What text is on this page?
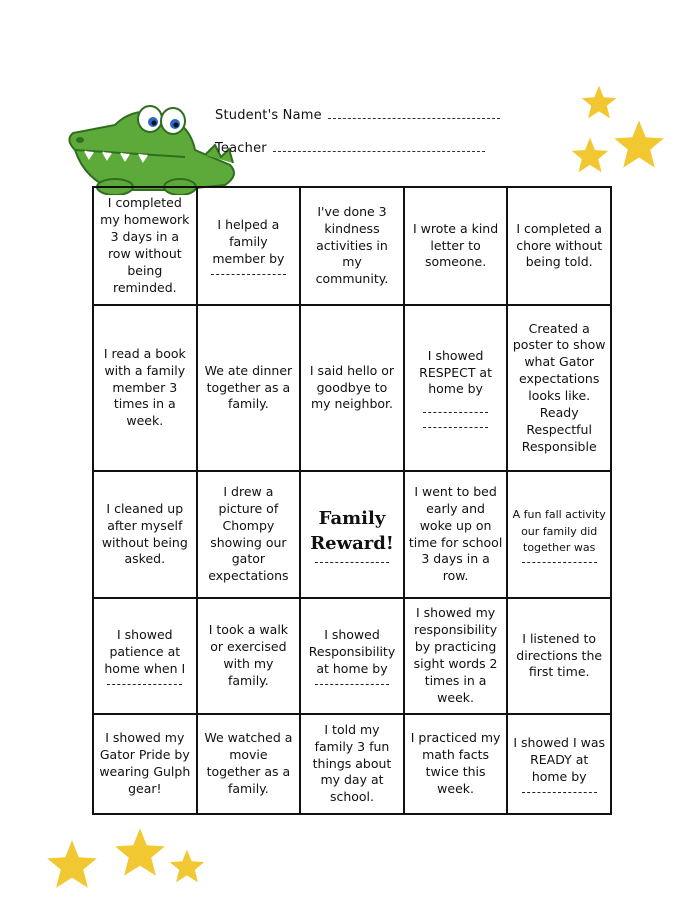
Student's Name
Teacher
I completed my homework 3 days in a row without being reminded.	I helped a family member by	I've done 3 kindness activities in my community.	I wrote a kind letter to someone.	I completed a chore without being told.
I read a book with a family member 3 times in a week.	We ate dinner together as a family.	I said hello or goodbye to my neighbor.	I showed RESPECT at home by	Created a poster to show what Gator expectations looks like. Ready Respectful Responsible
I cleaned up after myself without being asked.	I drew a picture of Chompy showing our gator expectations	Family Reward!	I went to bed early and woke up on time for school 3 days in a row.	A fun fall activity our family did together was

I showed patience at home when I	I took a walk or exercised with my family.	I showed Responsibility at home by	I showed my responsibility by practicing sight words 2 times in a week.	I listened to directions the first time.
I showed my Gator Pride by wearing Gulph gear!	We watched a movie together as a family.	I told my family 3 fun things about my day at school.	I practiced my math facts twice this week.	I showed I was READY at home by
